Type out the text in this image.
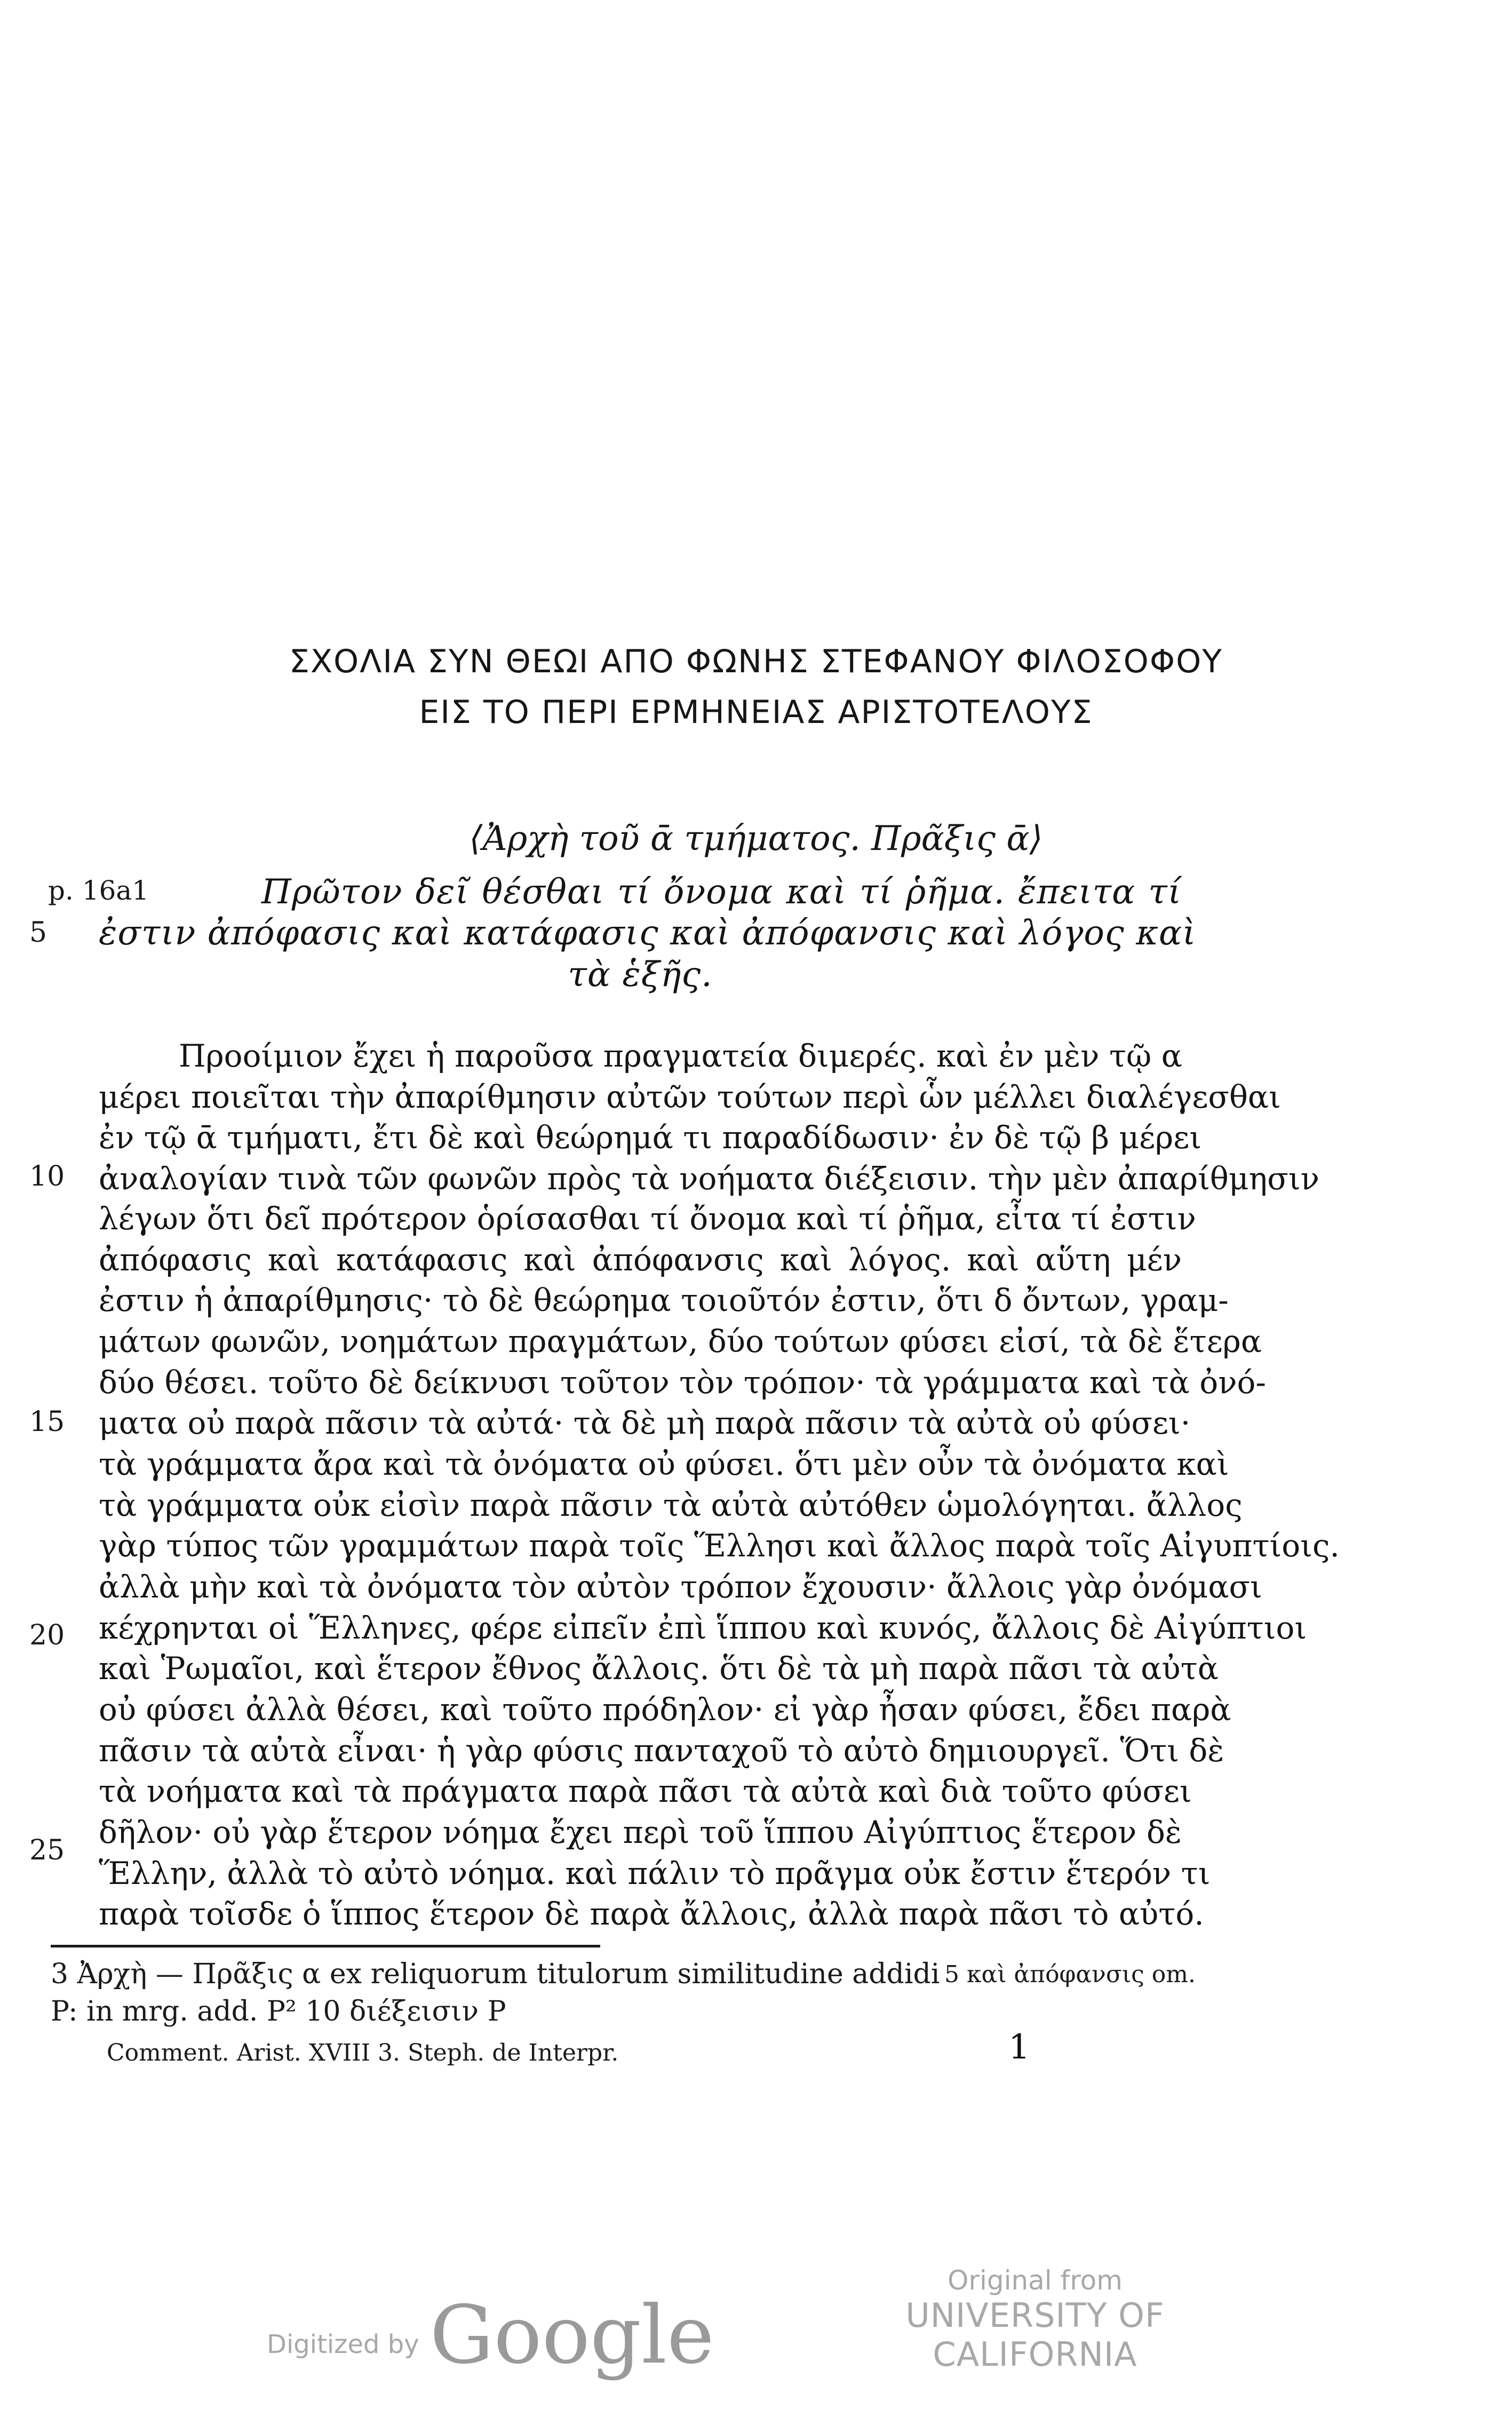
ΣΧΟΛΙΑ ΣΥΝ ΘΕΩΙ ΑΠΟ ΦΩΝΗΣ ΣΤΕΦΑΝΟΥ ΦΙΛΟΣΟΦΟΥ
ΕΙΣ ΤΟ ΠΕΡΙ ΕΡΜΗΝΕΙΑΣ ΑΡΙΣΤΟΤΕΛΟΥΣ
⟨Ἀρχὴ τοῦ ᾱ τμήματος. Πρᾶξις ᾱ⟩
p. 16a1
5
Πρῶτον δεῖ θέσθαι τί ὄνομα καὶ τί ῥῆμα. ἔπειτα τί
ἐστιν ἀπόφασις καὶ κατάφασις καὶ ἀπόφανσις καὶ λόγος καὶ
τὰ ἑξῆς.
10
15
20
25
Προοίμιον ἔχει ἡ παροῦσα πραγματεία διμερές. καὶ ἐν μὲν τῷ α
μέρει ποιεῖται τὴν ἀπαρίθμησιν αὐτῶν τούτων περὶ ὧν μέλλει διαλέγεσθαι
ἐν τῷ ᾱ τμήματι, ἔτι δὲ καὶ θεώρημά τι παραδίδωσιν· ἐν δὲ τῷ β μέρει
ἀναλογίαν τινὰ τῶν φωνῶν πρὸς τὰ νοήματα διέξεισιν. τὴν μὲν ἀπαρίθμησιν
λέγων ὅτι δεῖ πρότερον ὁρίσασθαι τί ὄνομα καὶ τί ῥῆμα, εἶτα τί ἐστιν
ἀπόφασις καὶ κατάφασις καὶ ἀπόφανσις καὶ λόγος. καὶ αὕτη μέν
ἐστιν ἡ ἀπαρίθμησις· τὸ δὲ θεώρημα τοιοῦτόν ἐστιν, ὅτι δ ὄντων, γραμ-
μάτων φωνῶν, νοημάτων πραγμάτων, δύο τούτων φύσει εἰσί, τὰ δὲ ἕτερα
δύο θέσει. τοῦτο δὲ δείκνυσι τοῦτον τὸν τρόπον· τὰ γράμματα καὶ τὰ ὀνό-
ματα οὐ παρὰ πᾶσιν τὰ αὐτά· τὰ δὲ μὴ παρὰ πᾶσιν τὰ αὐτὰ οὐ φύσει·
τὰ γράμματα ἄρα καὶ τὰ ὀνόματα οὐ φύσει. ὅτι μὲν οὖν τὰ ὀνόματα καὶ
τὰ γράμματα οὐκ εἰσὶν παρὰ πᾶσιν τὰ αὐτὰ αὐτόθεν ὡμολόγηται. ἄλλος
γὰρ τύπος τῶν γραμμάτων παρὰ τοῖς Ἕλλησι καὶ ἄλλος παρὰ τοῖς Αἰγυπτίοις.
ἀλλὰ μὴν καὶ τὰ ὀνόματα τὸν αὐτὸν τρόπον ἔχουσιν· ἄλλοις γὰρ ὀνόμασι
κέχρηνται οἱ Ἕλληνες, φέρε εἰπεῖν ἐπὶ ἵππου καὶ κυνός, ἄλλοις δὲ Αἰγύπτιοι
καὶ Ῥωμαῖοι, καὶ ἕτερον ἔθνος ἄλλοις. ὅτι δὲ τὰ μὴ παρὰ πᾶσι τὰ αὐτὰ
οὐ φύσει ἀλλὰ θέσει, καὶ τοῦτο πρόδηλον· εἰ γὰρ ἦσαν φύσει, ἔδει παρὰ
πᾶσιν τὰ αὐτὰ εἶναι· ἡ γὰρ φύσις πανταχοῦ τὸ αὐτὸ δημιουργεῖ. Ὅτι δὲ
τὰ νοήματα καὶ τὰ πράγματα παρὰ πᾶσι τὰ αὐτὰ καὶ διὰ τοῦτο φύσει
δῆλον· οὐ γὰρ ἕτερον νόημα ἔχει περὶ τοῦ ἵππου Αἰγύπτιος ἕτερον δὲ
Ἕλλην, ἀλλὰ τὸ αὐτὸ νόημα. καὶ πάλιν τὸ πρᾶγμα οὐκ ἔστιν ἕτερόν τι
παρὰ τοῖσδε ὁ ἵππος ἕτερον δὲ παρὰ ἄλλοις, ἀλλὰ παρὰ πᾶσι τὸ αὐτό.
3 Ἀρχὴ — Πρᾶξις α ex reliquorum titulorum similitudine addidi 5 καὶ ἀπόφανσις om.
P: in mrg. add. P² 10 διέξεισιν P
Comment. Arist. XVIII 3. Steph. de Interpr.	1
Digitized by Google
Original from
UNIVERSITY OF CALIFORNIA
